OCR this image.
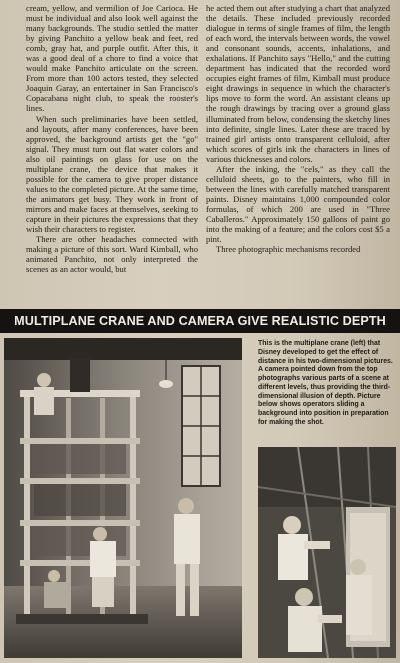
cream, yellow, and vermilion of Joe Carioca. He must be individual and also look well against the many backgrounds. The studio settled the matter by giving Panchito a yellow beak and feet, red comb, gray hat, and purple outfit. After this, it was a good deal of a chore to find a voice that would make Panchito articulate on the screen. From more than 100 actors tested, they selected Joaquin Garay, an entertainer in San Francisco's Copacabana night club, to speak the rooster's lines.

When such preliminaries have been settled, and layouts, after many conferences, have been approved, the background artists get the "go" signal. They must turn out flat water colors and also oil paintings on glass for use on the multiplane crane, the device that makes it possible for the camera to give proper distance values to the completed picture. At the same time, the animators get busy. They work in front of mirrors and make faces at themselves, seeking to capture in their pictures the expressions that they wish their characters to register.

There are other headaches connected with making a picture of this sort. Ward Kimball, who animated Panchito, not only interpreted the scenes as an actor would, but

he acted them out after studying a chart that analyzed the details. These included previously recorded dialogue in terms of single frames of film, the length of each word, the intervals between words, the vowel and consonant sounds, accents, inhalations, and exhalations. If Panchito says "Hello," and the cutting department has indicated that the recorded word occupies eight frames of film, Kimball must produce eight drawings in sequence in which the character's lips move to form the word. An assistant cleans up the rough drawings by tracing over a ground glass illuminated from below, condensing the sketchy lines into definite, single lines. Later these are traced by trained girl artists onto transparent celluloid, after which scores of girls ink the characters in lines of various thicknesses and colors.

After the inking, the "cels," as they call the celluloid sheets, go to the painters, who fill in between the lines with carefully matched transparent paints. Disney maintains 1,000 compounded color formulas, of which 200 are used in "Three Caballeros." Approximately 150 gallons of paint go into the making of a feature; and the colors cost $5 a pint.

Three photographic mechanisms recorded

MULTIPLANE CRANE AND CAMERA GIVE REALISTIC DEPTH
This is the multiplane crane (left) that Disney developed to get the effect of distance in his two-dimensional pictures. A camera pointed down from the top photographs various parts of a scene at different levels, thus providing the third-dimensional illusion of depth. Picture below shows operators sliding a background into position in preparation for making the shot.
